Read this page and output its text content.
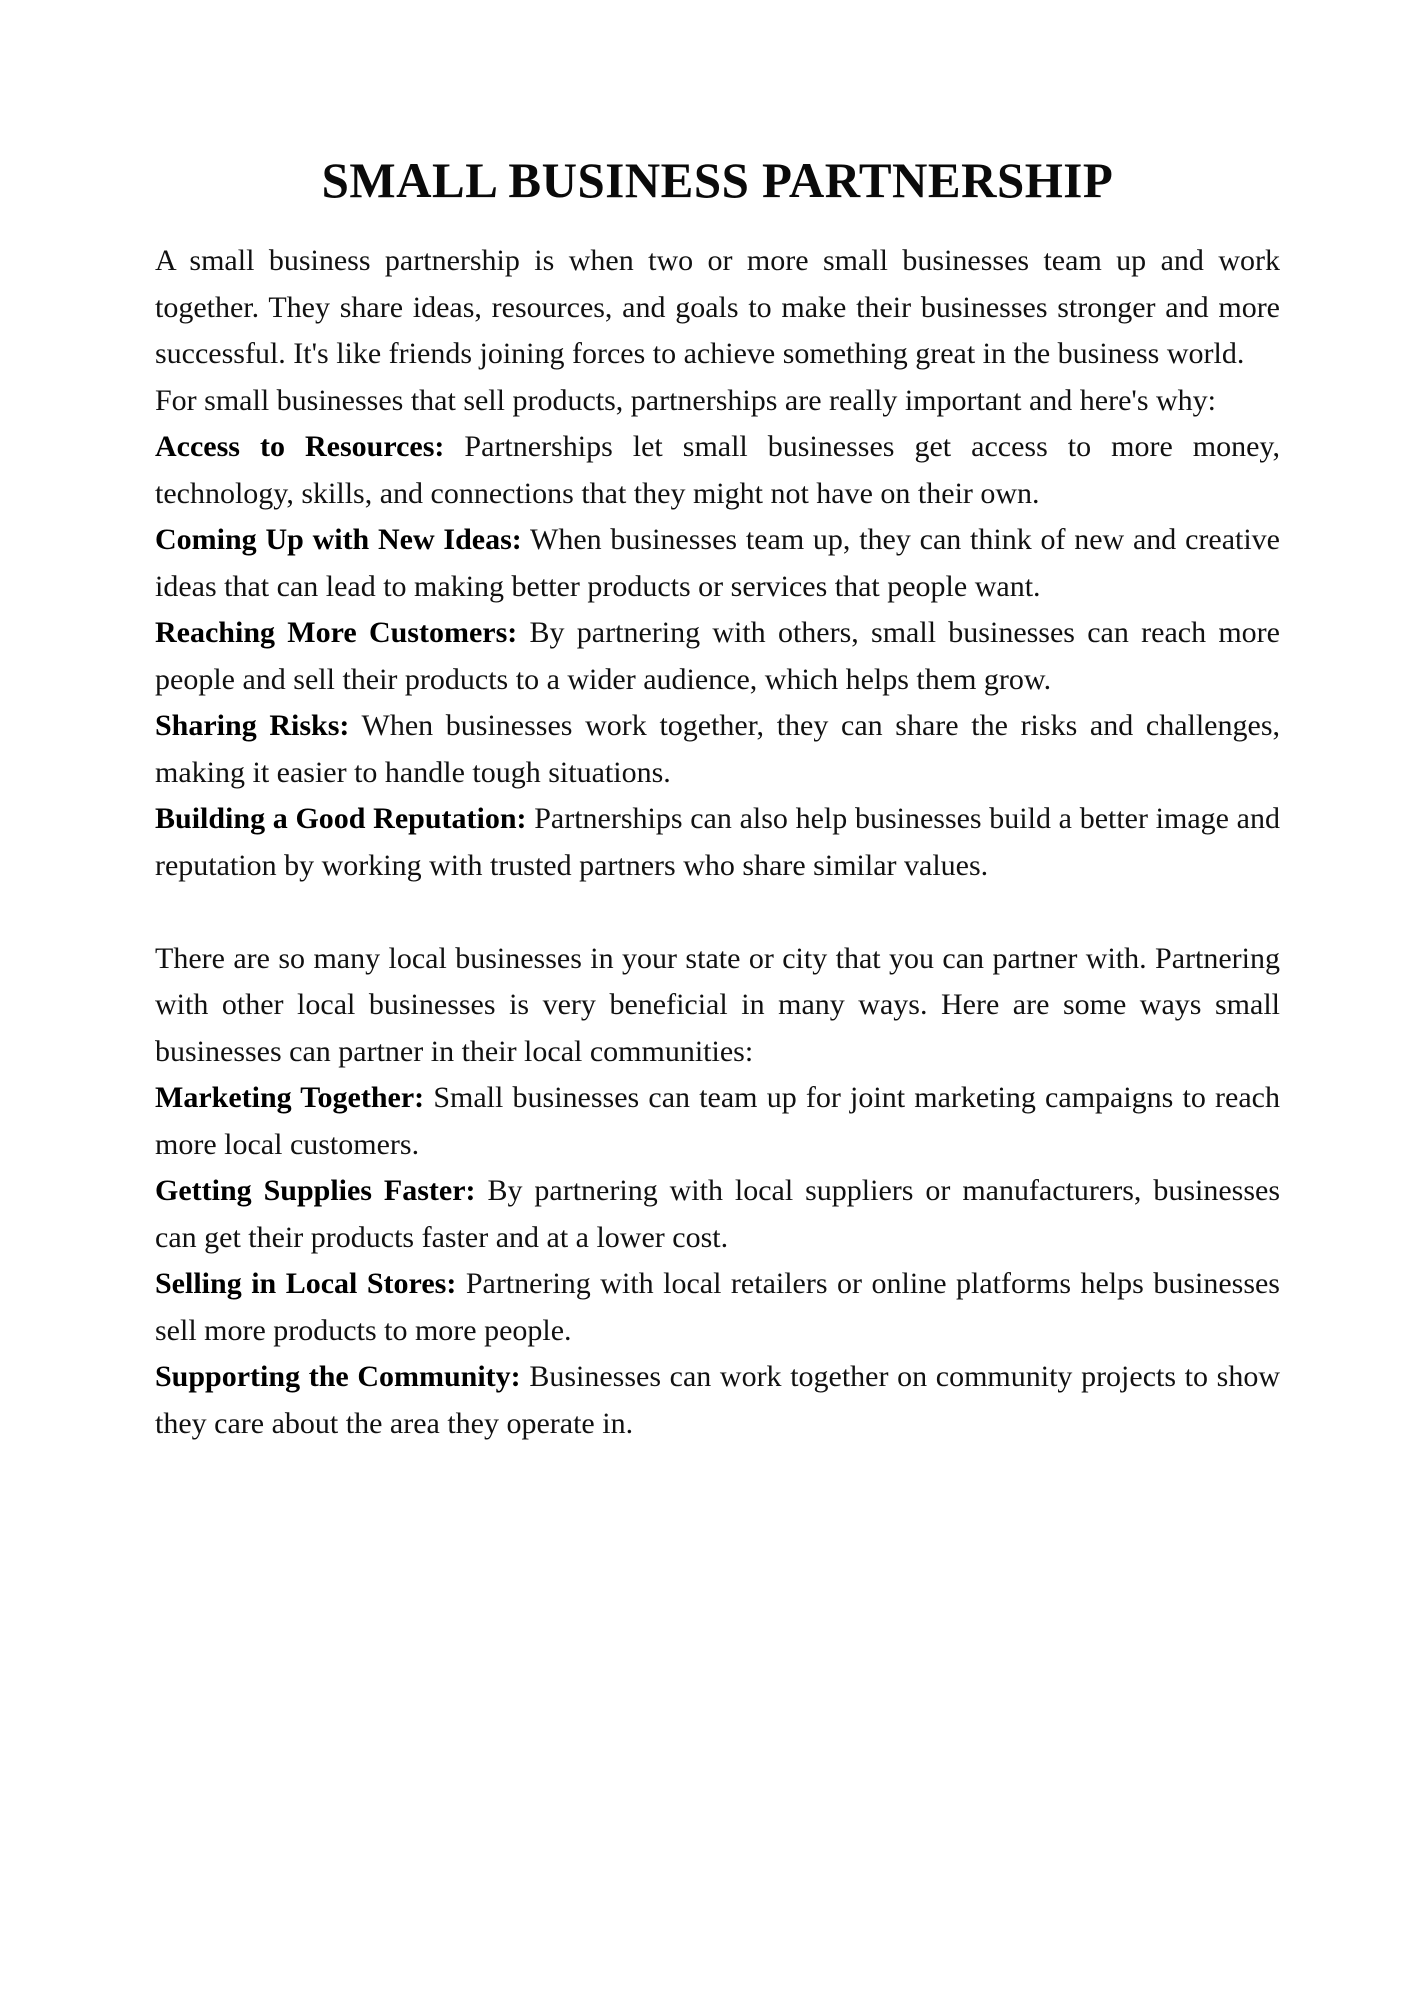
SMALL BUSINESS PARTNERSHIP

A small business partnership is when two or more small businesses team up and work together. They share ideas, resources, and goals to make their businesses stronger and more successful. It's like friends joining forces to achieve something great in the business world.

For small businesses that sell products, partnerships are really important and here's why:

Access to Resources: Partnerships let small businesses get access to more money, technology, skills, and connections that they might not have on their own.

Coming Up with New Ideas: When businesses team up, they can think of new and creative ideas that can lead to making better products or services that people want.

Reaching More Customers: By partnering with others, small businesses can reach more people and sell their products to a wider audience, which helps them grow.

Sharing Risks: When businesses work together, they can share the risks and challenges, making it easier to handle tough situations.

Building a Good Reputation: Partnerships can also help businesses build a better image and reputation by working with trusted partners who share similar values.

There are so many local businesses in your state or city that you can partner with. Partnering with other local businesses is very beneficial in many ways. Here are some ways small businesses can partner in their local communities:

Marketing Together: Small businesses can team up for joint marketing campaigns to reach more local customers.

Getting Supplies Faster: By partnering with local suppliers or manufacturers, businesses can get their products faster and at a lower cost.

Selling in Local Stores: Partnering with local retailers or online platforms helps businesses sell more products to more people.

Supporting the Community: Businesses can work together on community projects to show they care about the area they operate in.
